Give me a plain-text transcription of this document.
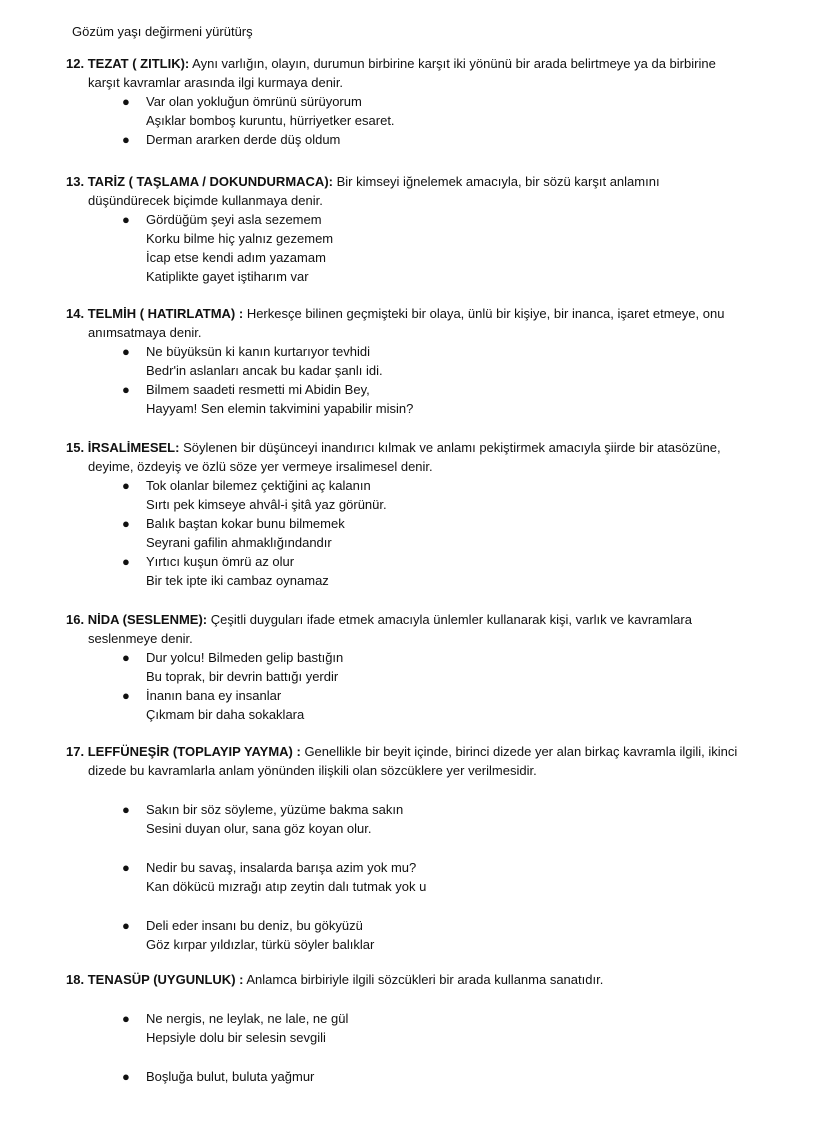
Gözüm yaşı değirmeni yürütürş

12. TEZAT ( ZITLIK): Aynı varlığın, olayın, durumun birbirine karşıt iki yönünü bir arada belirtmeye ya da birbirine
karşıt kavramlar arasında ilgi kurmaya denir.

● Var olan yokluğun ömrünü sürüyorum
Aşıklar bomboş kuruntu, hürriyetker esaret.
● Derman ararken derde düş oldum

13. TARİZ ( TAŞLAMA / DOKUNDURMACA): Bir kimseyi iğnelemek amacıyla, bir sözü karşıt anlamını
düşündürecek biçimde kullanmaya denir.

● Gördüğüm şeyi asla sezemem
Korku bilme hiç yalnız gezemem
İcap etse kendi adım yazamam
Katiplikte gayet iştiharım var

14. TELMİH ( HATIRLATMA) : Herkesçe bilinen geçmişteki bir olaya, ünlü bir kişiye, bir inanca, işaret etmeye, onu
anımsatmaya denir.

● Ne büyüksün ki kanın kurtarıyor tevhidi
Bedr'in aslanları ancak bu kadar şanlı idi.
● Bilmem saadeti resmetti mi Abidin Bey,
Hayyam! Sen elemin takvimini yapabilir misin?

15. İRSALİMESEL: Söylenen bir düşünceyi inandırıcı kılmak ve anlamı pekiştirmek amacıyla şiirde bir atasözüne,
deyime, özdeyiş ve özlü söze yer vermeye irsalimesel denir.

● Tok olanlar bilemez çektiğini aç kalanın
Sırtı pek kimseye ahvâl-i şitâ yaz görünür.
● Balık baştan kokar bunu bilmemek
Seyrani gafilin ahmaklığındandır
● Yırtıcı kuşun ömrü az olur
Bir tek ipte iki cambaz oynamaz

16. NİDA (SESLENME): Çeşitli duyguları ifade etmek amacıyla ünlemler kullanarak kişi, varlık ve kavramlara
seslenmeye denir.

● Dur yolcu! Bilmeden gelip bastığın
Bu toprak, bir devrin battığı yerdir
● İnanın bana ey insanlar
Çıkmam bir daha sokaklara

17. LEFFÜNEŞİR (TOPLAYIP YAYMA) : Genellikle bir beyit içinde, birinci dizede yer alan birkaç kavramla ilgili, ikinci
dizede bu kavramlarla anlam yönünden ilişkili olan sözcüklere yer verilmesidir.

● Sakın bir söz söyleme, yüzüme bakma sakın
Sesini duyan olur, sana göz koyan olur.
● Nedir bu savaş, insalarda barışa azim yok mu?
Kan dökücü mızrağı atıp zeytin dalı tutmak yok u
● Deli eder insanı bu deniz, bu gökyüzü
Göz kırpar yıldızlar, türkü söyler balıklar

18. TENASÜP (UYGUNLUK) : Anlamca birbiriyle ilgili sözcükleri bir arada kullanma sanatıdır.

● Ne nergis, ne leylak, ne lale, ne gül
Hepsiyle dolu bir selesin sevgili
● Boşluğa bulut, buluta yağmur
